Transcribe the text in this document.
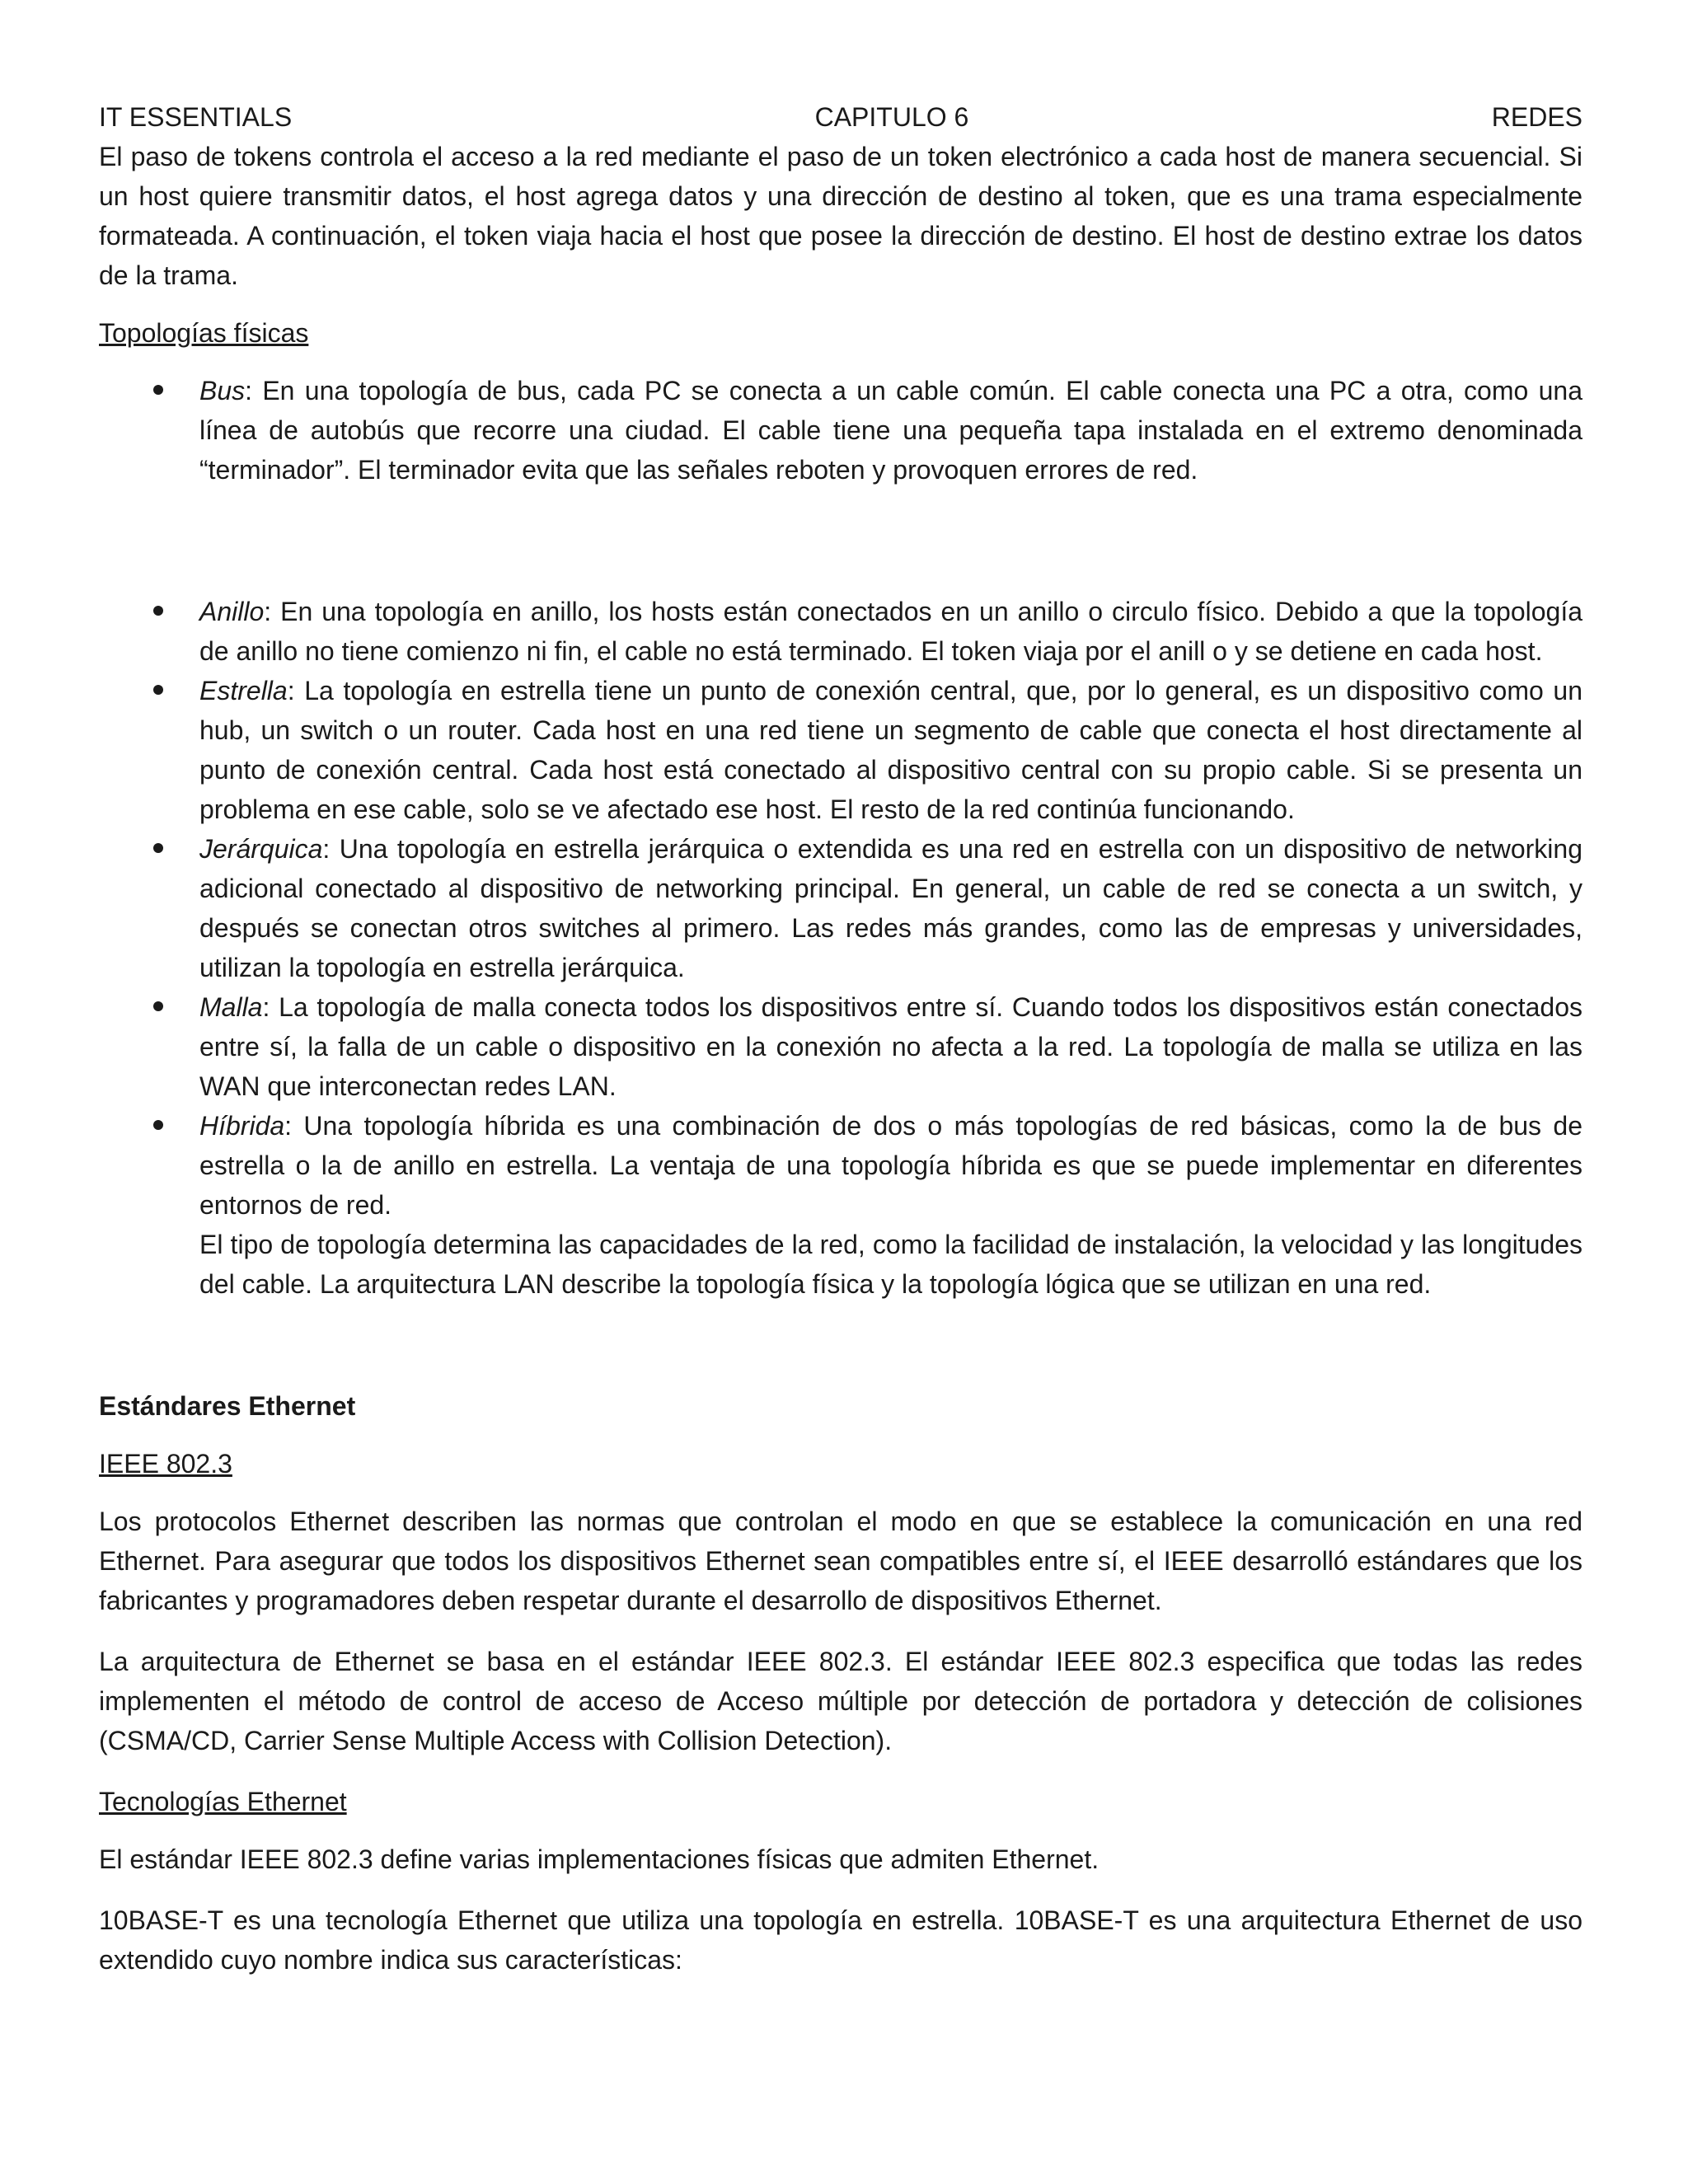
IT ESSENTIALS	CAPITULO 6	REDES

El paso de tokens controla el acceso a la red mediante el paso de un token electrónico a cada host de manera secuencial. Si un host quiere transmitir datos, el host agrega datos y una dirección de destino al token, que es una trama especialmente formateada. A continuación, el token viaja hacia el host que posee la dirección de destino. El host de destino extrae los datos de la trama.

Topologías físicas

Bus: En una topología de bus, cada PC se conecta a un cable común. El cable conecta una PC a otra, como una línea de autobús que recorre una ciudad. El cable tiene una pequeña tapa instalada en el extremo denominada “terminador”. El terminador evita que las señales reboten y provoquen errores de red.
Anillo: En una topología en anillo, los hosts están conectados en un anillo o circulo físico. Debido a que la topología de anillo no tiene comienzo ni fin, el cable no está terminado. El token viaja por el anill o y se detiene en cada host.
Estrella: La topología en estrella tiene un punto de conexión central, que, por lo general, es un dispositivo como un hub, un switch o un router. Cada host en una red tiene un segmento de cable que conecta el host directamente al punto de conexión central. Cada host está conectado al dispositivo central con su propio cable. Si se presenta un problema en ese cable, solo se ve afectado ese host. El resto de la red continúa funcionando.
Jerárquica: Una topología en estrella jerárquica o extendida es una red en estrella con un dispositivo de networking adicional conectado al dispositivo de networking principal. En general, un cable de red se conecta a un switch, y después se conectan otros switches al primero. Las redes más grandes, como las de empresas y universidades, utilizan la topología en estrella jerárquica.
Malla: La topología de malla conecta todos los dispositivos entre sí. Cuando todos los dispositivos están conectados entre sí, la falla de un cable o dispositivo en la conexión no afecta a la red. La topología de malla se utiliza en las WAN que interconectan redes LAN.
Híbrida: Una topología híbrida es una combinación de dos o más topologías de red básicas, como la de bus de estrella o la de anillo en estrella. La ventaja de una topología híbrida es que se puede implementar en diferentes entornos de red.

El tipo de topología determina las capacidades de la red, como la facilidad de instalación, la velocidad y las longitudes del cable. La arquitectura LAN describe la topología física y la topología lógica que se utilizan en una red.

Estándares Ethernet

IEEE 802.3

Los protocolos Ethernet describen las normas que controlan el modo en que se establece la comunicación en una red Ethernet. Para asegurar que todos los dispositivos Ethernet sean compatibles entre sí, el IEEE desarrolló estándares que los fabricantes y programadores deben respetar durante el desarrollo de dispositivos Ethernet.

La arquitectura de Ethernet se basa en el estándar IEEE 802.3. El estándar IEEE 802.3 especifica que todas las redes implementen el método de control de acceso de Acceso múltiple por detección de portadora y detección de colisiones (CSMA/CD, Carrier Sense Multiple Access with Collision Detection).

Tecnologías Ethernet

El estándar IEEE 802.3 define varias implementaciones físicas que admiten Ethernet.

10BASE-T es una tecnología Ethernet que utiliza una topología en estrella. 10BASE-T es una arquitectura Ethernet de uso extendido cuyo nombre indica sus características:
